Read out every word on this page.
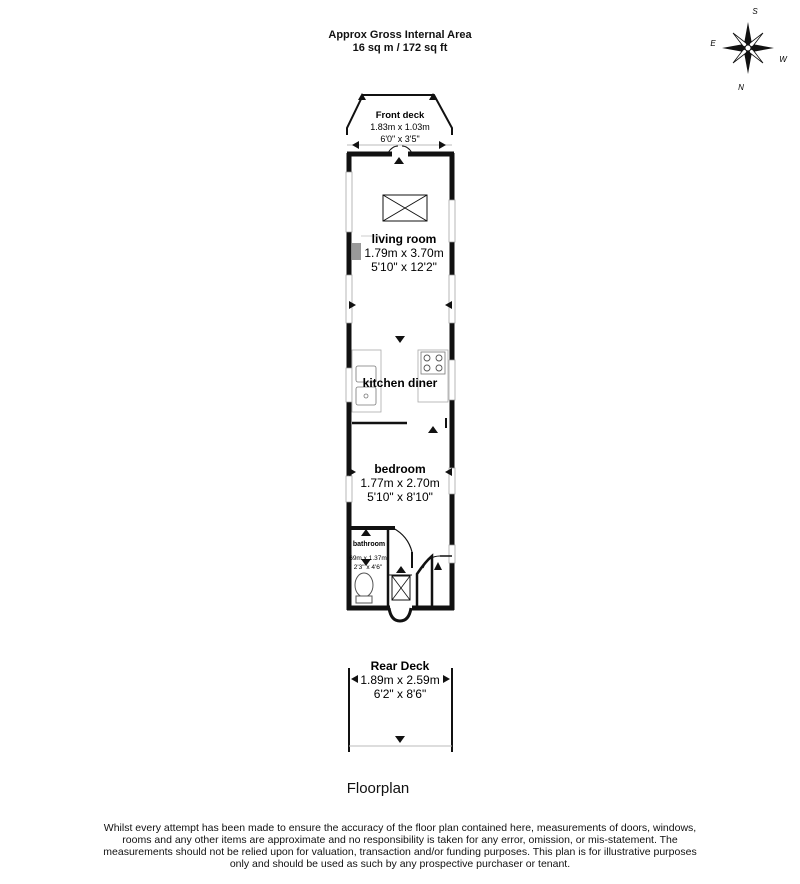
Approx Gross Internal Area
16 sq m / 172 sq ft
S
E
W
N
Front deck
1.83m x 1.03m
6'0" x 3'5"
living room
1.79m x 3.70m
5'10" x 12'2"
kitchen diner
bedroom
1.77m x 2.70m
5'10" x 8'10"
bathroom
69m x 1.37m
2'3" x 4'6"
Rear Deck
1.89m x 2.59m
6'2" x 8'6"
Floorplan
Whilst every attempt has been made to ensure the accuracy of the floor plan contained here, measurements of doors, windows, rooms and any other items are approximate and no responsibility is taken for any error, omission, or mis-statement. The measurements should not be relied upon for valuation, transaction and/or funding purposes. This plan is for illustrative purposes only and should be used as such by any prospective purchaser or tenant.
